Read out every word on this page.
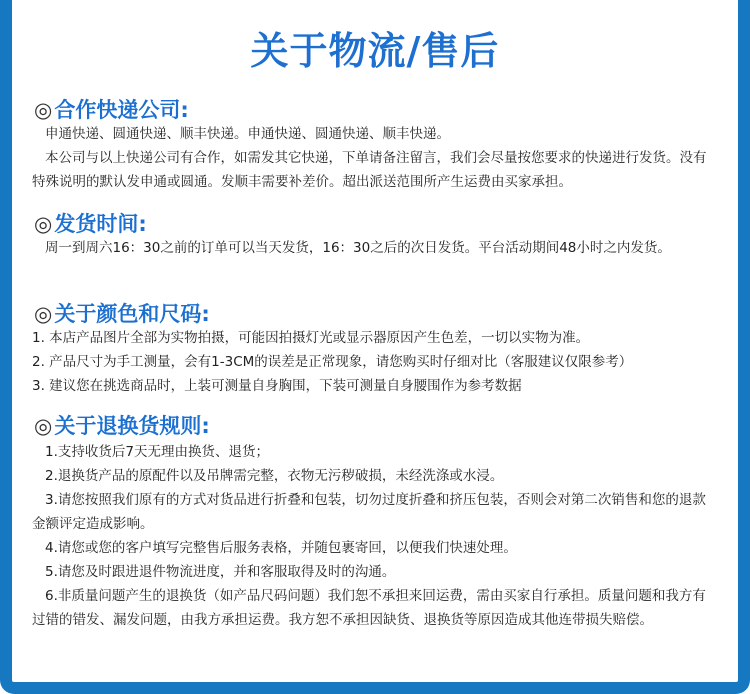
关于物流/售后
◎合作快递公司:
申通快递、圆通快递、顺丰快递。申通快递、圆通快递、顺丰快递。
本公司与以上快递公司有合作，如需发其它快递，下单请备注留言，我们会尽量按您要求的快递进行发货。没有特殊说明的默认发申通或圆通。发顺丰需要补差价。超出派送范围所产生运费由买家承担。
◎发货时间:
周一到周六16：30之前的订单可以当天发货，16：30之后的次日发货。平台活动期间48小时之内发货。
◎关于颜色和尺码:
1. 本店产品图片全部为实物拍摄，可能因拍摄灯光或显示器原因产生色差，一切以实物为准。
2. 产品尺寸为手工测量，会有1-3CM的误差是正常现象，请您购买时仔细对比（客服建议仅限参考）
3. 建议您在挑选商品时，上装可测量自身胸围，下装可测量自身腰围作为参考数据
◎关于退换货规则:
1.支持收货后7天无理由换货、退货；
2.退换货产品的原配件以及吊牌需完整，衣物无污秽破损，未经洗涤或水浸。
3.请您按照我们原有的方式对货品进行折叠和包装，切勿过度折叠和挤压包装，否则会对第二次销售和您的退款金额评定造成影响。
4.请您或您的客户填写完整售后服务表格，并随包裹寄回，以便我们快速处理。
5.请您及时跟进退件物流进度，并和客服取得及时的沟通。
6.非质量问题产生的退换货（如产品尺码问题）我们恕不承担来回运费，需由买家自行承担。质量问题和我方有过错的错发、漏发问题，由我方承担运费。我方恕不承担因缺货、退换货等原因造成其他连带损失赔偿。
